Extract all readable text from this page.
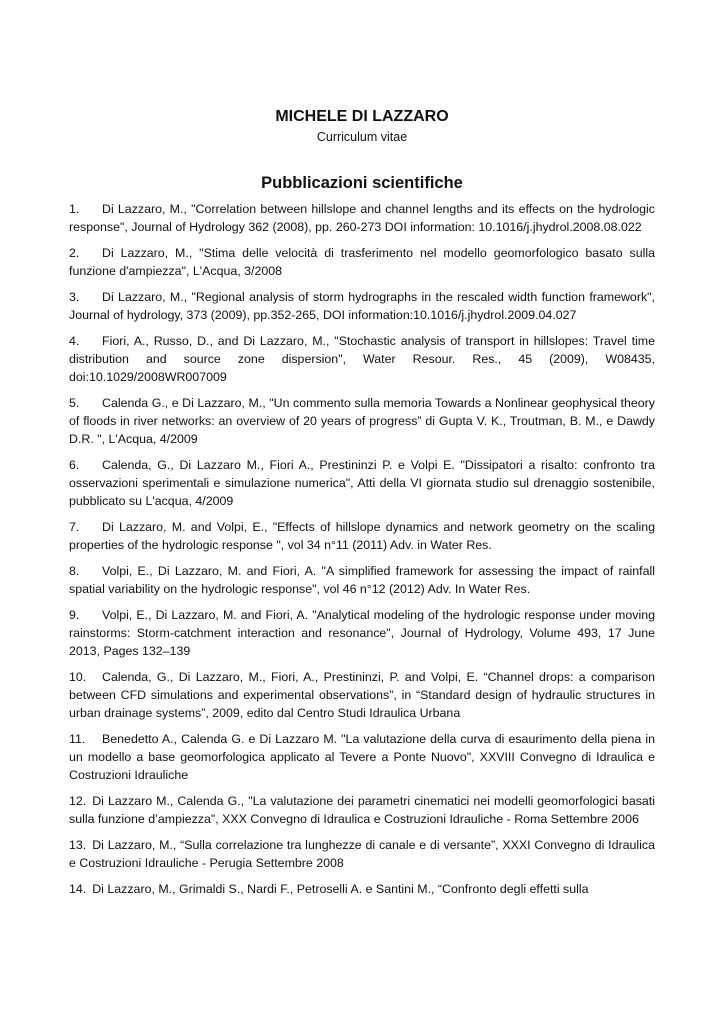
MICHELE DI LAZZARO
Curriculum vitae
Pubblicazioni scientifiche
1. Di Lazzaro, M., "Correlation between hillslope and channel lengths and its effects on the hydrologic response", Journal of Hydrology 362 (2008), pp. 260-273 DOI information: 10.1016/j.jhydrol.2008.08.022
2. Di Lazzaro, M., "Stima delle velocità di trasferimento nel modello geomorfologico basato sulla funzione d'ampiezza", L'Acqua, 3/2008
3. Di Lazzaro, M., "Regional analysis of storm hydrographs in the rescaled width function framework", Journal of hydrology, 373 (2009), pp.352-265, DOI information:10.1016/j.jhydrol.2009.04.027
4. Fiori, A., Russo, D., and Di Lazzaro, M., "Stochastic analysis of transport in hillslopes: Travel time distribution and source zone dispersion", Water Resour. Res., 45 (2009), W08435, doi:10.1029/2008WR007009
5. Calenda G., e Di Lazzaro, M., "Un commento sulla memoria Towards a Nonlinear geophysical theory of floods in river networks: an overview of 20 years of progress” di Gupta V. K., Troutman, B. M., e Dawdy D.R. ", L'Acqua, 4/2009
6. Calenda, G., Di Lazzaro M., Fiori A., Prestininzi P. e Volpi E. "Dissipatori a risalto: confronto tra osservazioni sperimentali e simulazione numerica", Atti della VI giornata studio sul drenaggio sostenibile, pubblicato su L'acqua, 4/2009
7. Di Lazzaro, M. and Volpi, E., "Effects of hillslope dynamics and network geometry on the scaling properties of the hydrologic response ", vol 34 n°11 (2011) Adv. in Water Res.
8. Volpi, E., Di Lazzaro, M. and Fiori, A. "A simplified framework for assessing the impact of rainfall spatial variability on the hydrologic response", vol 46 n°12 (2012) Adv. In Water Res.
9. Volpi, E., Di Lazzaro, M. and Fiori, A. "Analytical modeling of the hydrologic response under moving rainstorms: Storm-catchment interaction and resonance", Journal of Hydrology, Volume 493, 17 June 2013, Pages 132–139
10. Calenda, G., Di Lazzaro, M., Fiori, A., Prestininzi, P. and Volpi, E. “Channel drops: a comparison between CFD simulations and experimental observations”, in “Standard design of hydraulic structures in urban drainage systems”, 2009, edito dal Centro Studi Idraulica Urbana
11. Benedetto A., Calenda G. e Di Lazzaro M. "La valutazione della curva di esaurimento della piena in un modello a base geomorfologica applicato al Tevere a Ponte Nuovo", XXVIII Convegno di Idraulica e Costruzioni Idrauliche
12. Di Lazzaro M., Calenda G., "La valutazione dei parametri cinematici nei modelli geomorfologici basati sulla funzione d’ampiezza", XXX Convegno di Idraulica e Costruzioni Idrauliche - Roma Settembre 2006
13. Di Lazzaro, M., “Sulla correlazione tra lunghezze di canale e di versante”, XXXI Convegno di Idraulica e Costruzioni Idrauliche - Perugia Settembre 2008
14. Di Lazzaro, M., Grimaldi S., Nardi F., Petroselli A. e Santini M., “Confronto degli effetti sulla
